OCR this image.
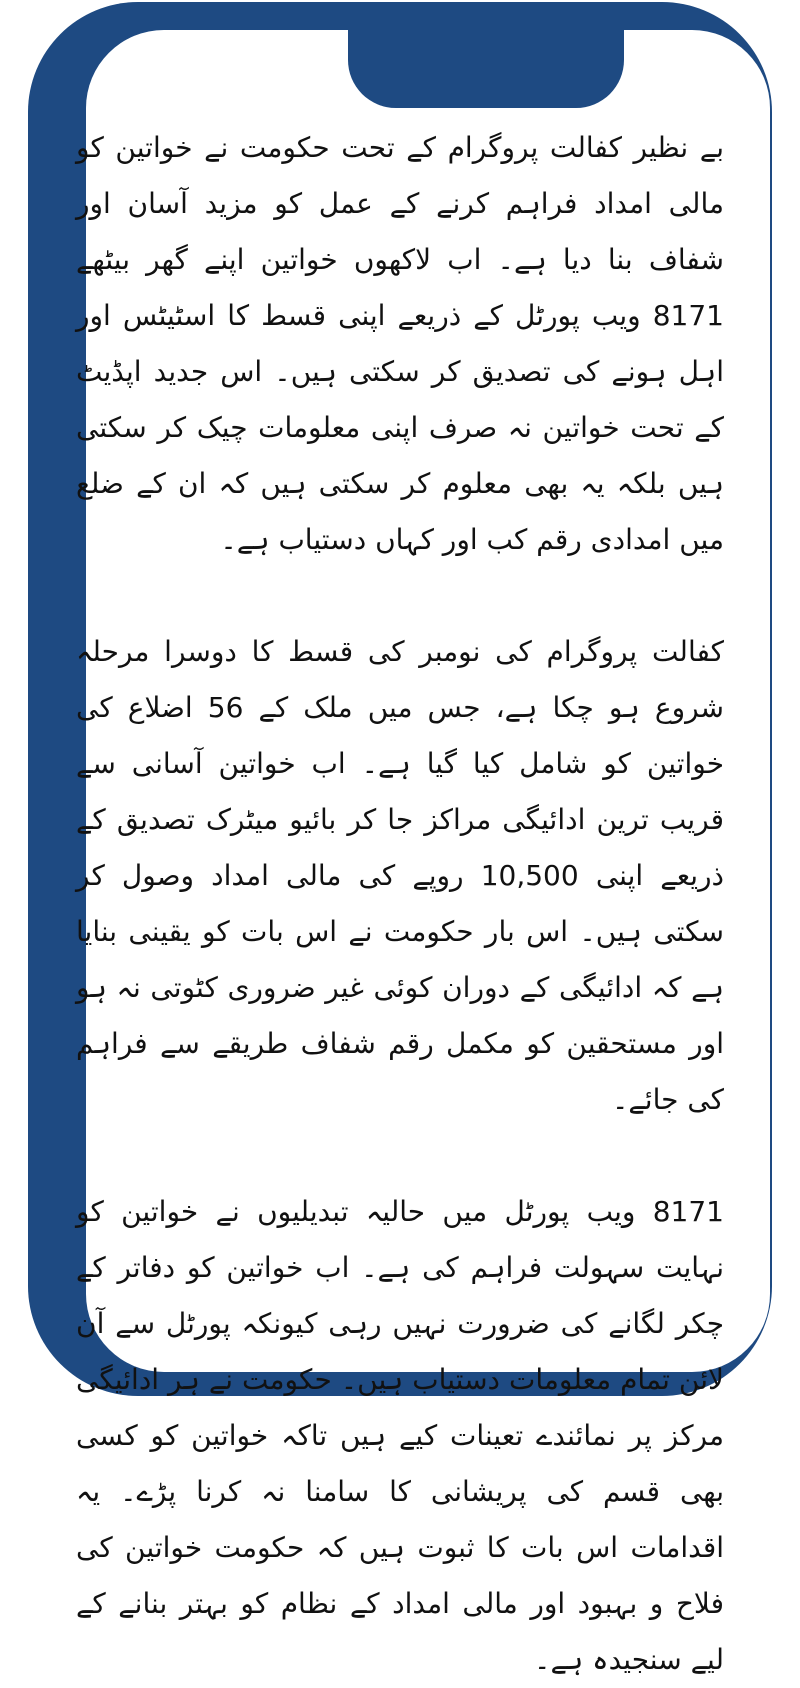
بے نظیر کفالت پروگرام کے تحت حکومت نے خواتین کو مالی امداد فراہم کرنے کے عمل کو مزید آسان اور شفاف بنا دیا ہے۔ اب لاکھوں خواتین اپنے گھر بیٹھے 8171 ویب پورٹل کے ذریعے اپنی قسط کا اسٹیٹس اور اہل ہونے کی تصدیق کر سکتی ہیں۔ اس جدید اپڈیٹ کے تحت خواتین نہ صرف اپنی معلومات چیک کر سکتی ہیں بلکہ یہ بھی معلوم کر سکتی ہیں کہ ان کے ضلع میں امدادی رقم کب اور کہاں دستیاب ہے۔

کفالت پروگرام کی نومبر کی قسط کا دوسرا مرحلہ شروع ہو چکا ہے، جس میں ملک کے 56 اضلاع کی خواتین کو شامل کیا گیا ہے۔ اب خواتین آسانی سے قریب ترین ادائیگی مراکز جا کر بائیو میٹرک تصدیق کے ذریعے اپنی 10,500 روپے کی مالی امداد وصول کر سکتی ہیں۔ اس بار حکومت نے اس بات کو یقینی بنایا ہے کہ ادائیگی کے دوران کوئی غیر ضروری کٹوتی نہ ہو اور مستحقین کو مکمل رقم شفاف طریقے سے فراہم کی جائے۔

8171 ویب پورٹل میں حالیہ تبدیلیوں نے خواتین کو نہایت سہولت فراہم کی ہے۔ اب خواتین کو دفاتر کے چکر لگانے کی ضرورت نہیں رہی کیونکہ پورٹل سے آن لائن تمام معلومات دستیاب ہیں۔ حکومت نے ہر ادائیگی مرکز پر نمائندے تعینات کیے ہیں تاکہ خواتین کو کسی بھی قسم کی پریشانی کا سامنا نہ کرنا پڑے۔ یہ اقدامات اس بات کا ثبوت ہیں کہ حکومت خواتین کی فلاح و بہبود اور مالی امداد کے نظام کو بہتر بنانے کے لیے سنجیدہ ہے۔
